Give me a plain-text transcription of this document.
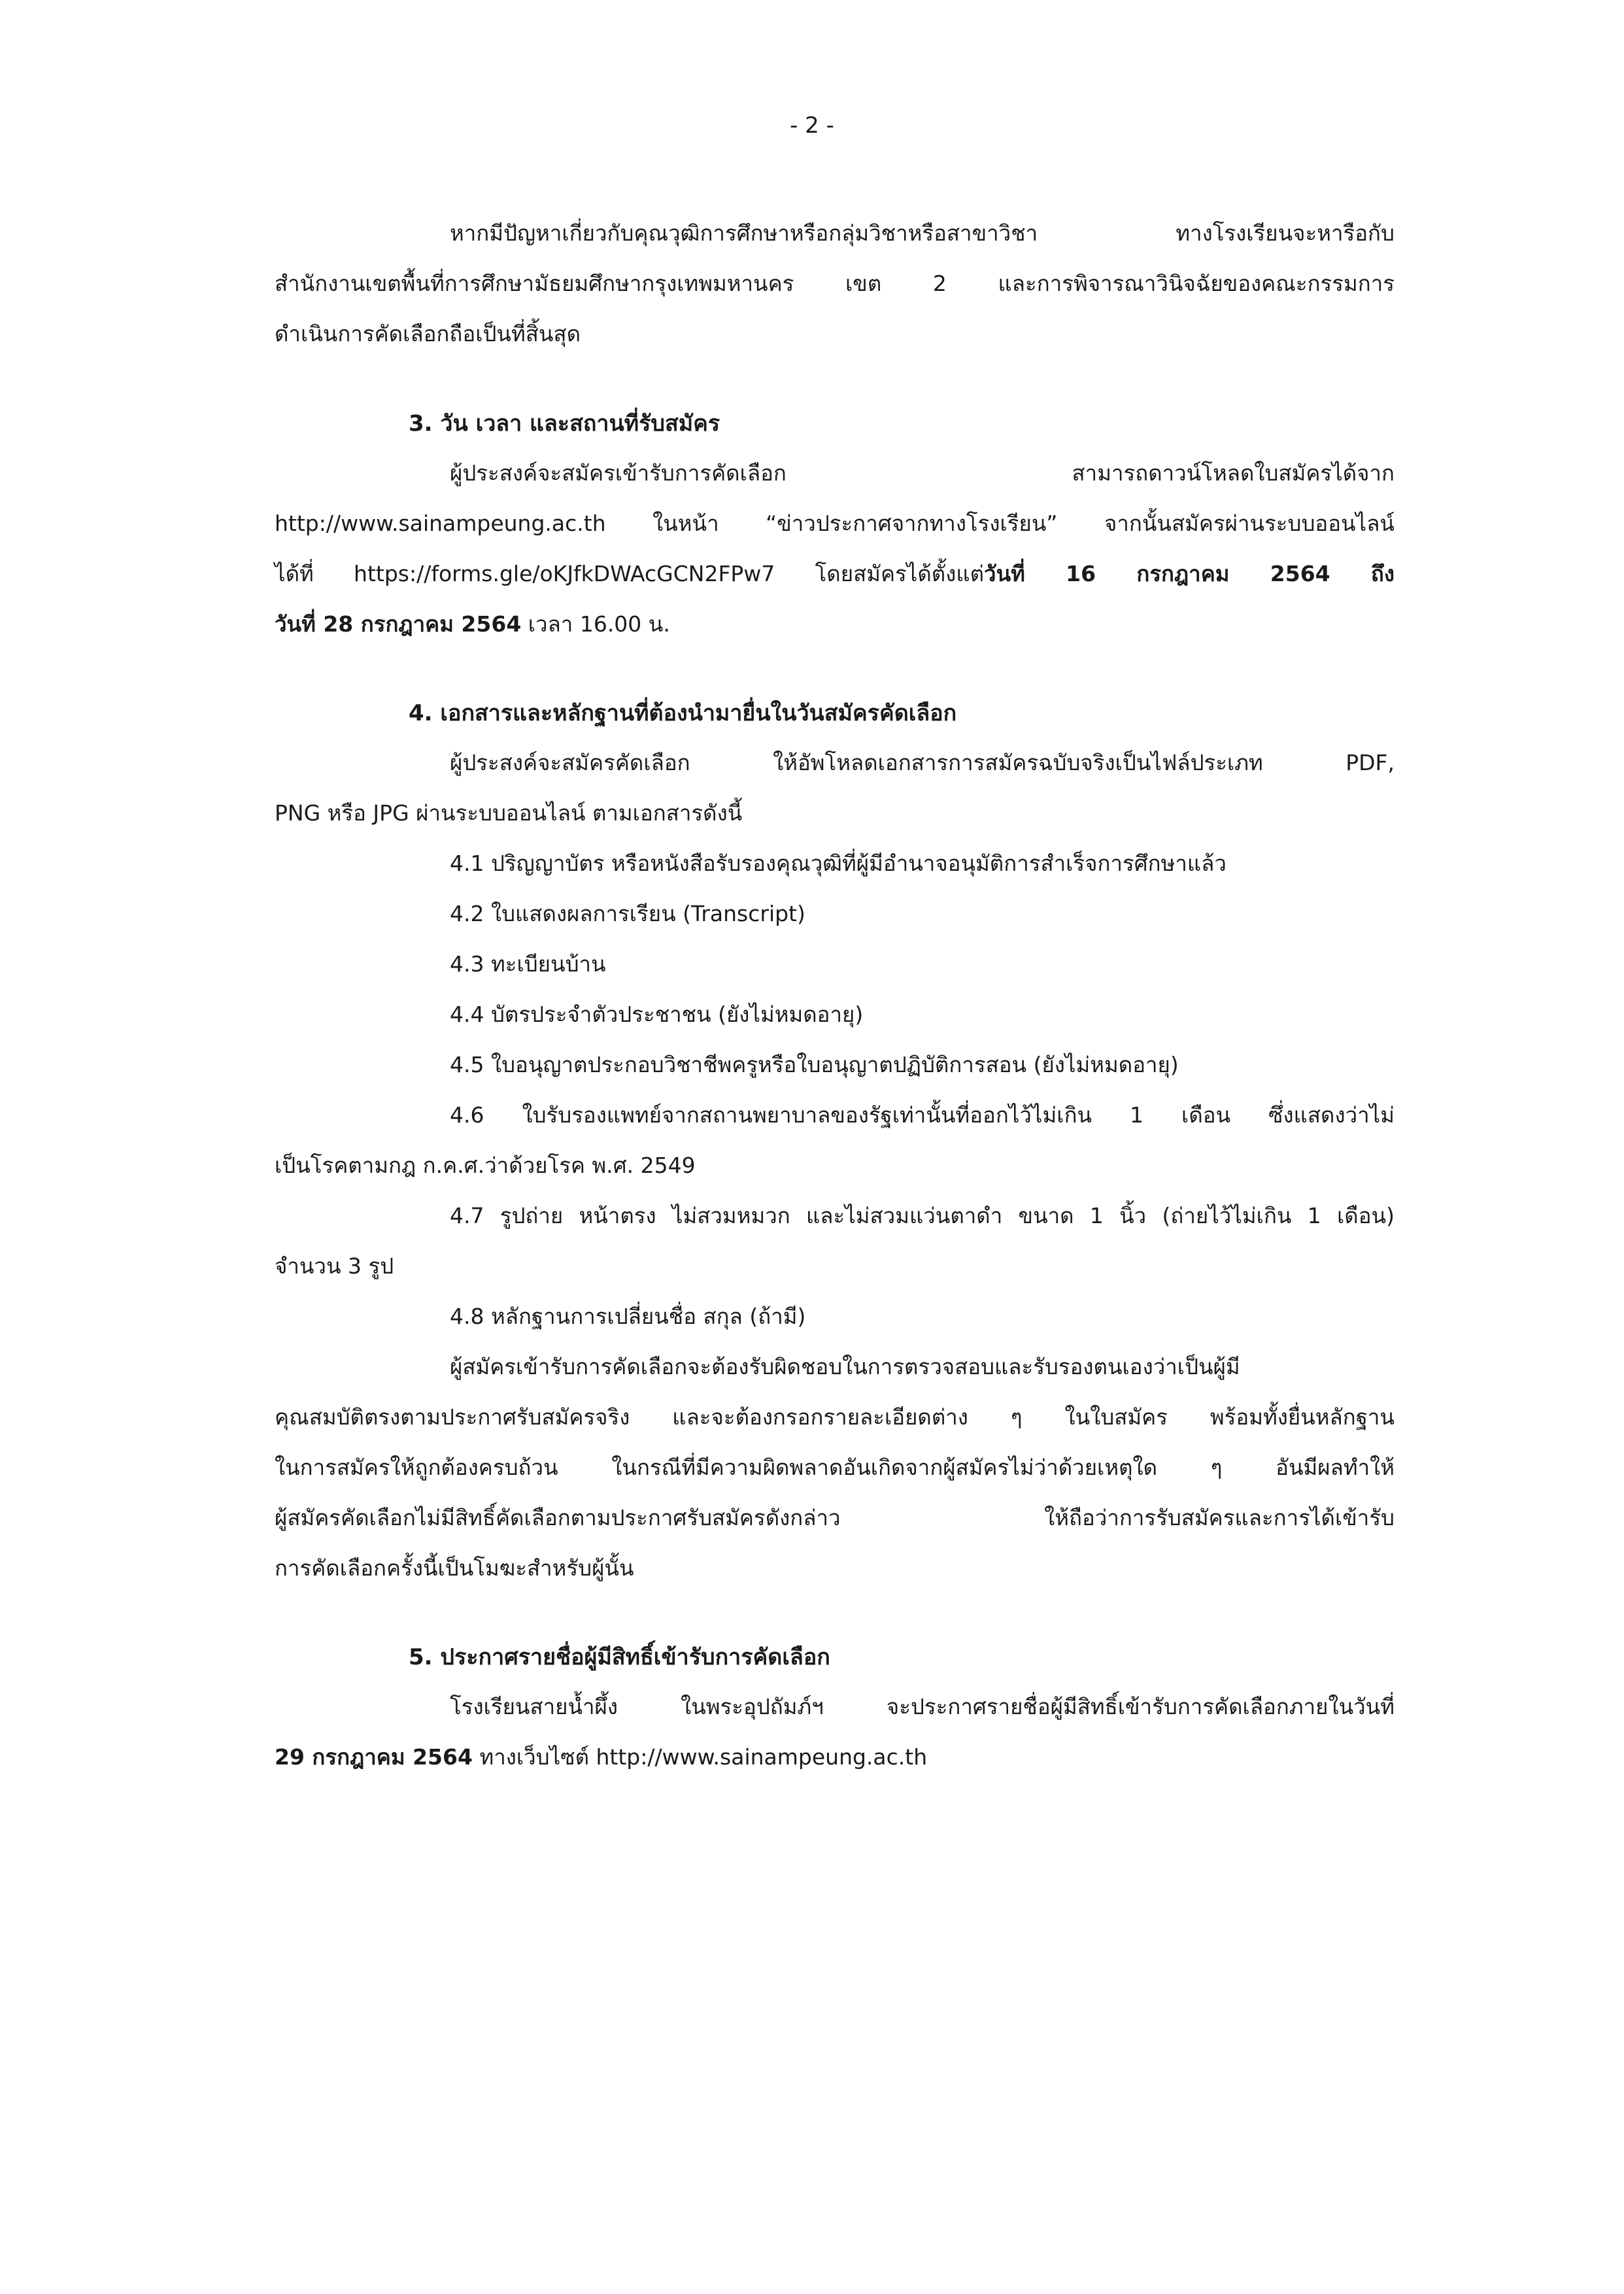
- 2 -
หากมีปัญหาเกี่ยวกับคุณวุฒิการศึกษาหรือกลุ่มวิชาหรือสาขาวิชา ทางโรงเรียนจะหารือกับ
สำนักงานเขตพื้นที่การศึกษามัธยมศึกษากรุงเทพมหานคร เขต 2 และการพิจารณาวินิจฉัยของคณะกรรมการ
ดำเนินการคัดเลือกถือเป็นที่สิ้นสุด
3. วัน เวลา และสถานที่รับสมัคร
ผู้ประสงค์จะสมัครเข้ารับการคัดเลือก สามารถดาวน์โหลดใบสมัครได้จาก
http://www.sainampeung.ac.th ในหน้า “ข่าวประกาศจากทางโรงเรียน” จากนั้นสมัครผ่านระบบออนไลน์
ได้ที่ https://forms.gle/oKJfkDWAcGCN2FPw7 โดยสมัครได้ตั้งแต่วันที่ 16 กรกฎาคม 2564 ถึง
วันที่ 28 กรกฎาคม 2564 เวลา 16.00 น.
4. เอกสารและหลักฐานที่ต้องนำมายื่นในวันสมัครคัดเลือก
ผู้ประสงค์จะสมัครคัดเลือก ให้อัพโหลดเอกสารการสมัครฉบับจริงเป็นไฟล์ประเภท PDF,
PNG หรือ JPG ผ่านระบบออนไลน์ ตามเอกสารดังนี้
4.1 ปริญญาบัตร หรือหนังสือรับรองคุณวุฒิที่ผู้มีอำนาจอนุมัติการสำเร็จการศึกษาแล้ว
4.2 ใบแสดงผลการเรียน (Transcript)
4.3 ทะเบียนบ้าน
4.4 บัตรประจำตัวประชาชน (ยังไม่หมดอายุ)
4.5 ใบอนุญาตประกอบวิชาชีพครูหรือใบอนุญาตปฏิบัติการสอน (ยังไม่หมดอายุ)
4.6 ใบรับรองแพทย์จากสถานพยาบาลของรัฐเท่านั้นที่ออกไว้ไม่เกิน 1 เดือน ซึ่งแสดงว่าไม่
เป็นโรคตามกฎ ก.ค.ศ.ว่าด้วยโรค พ.ศ. 2549
4.7 รูปถ่าย หน้าตรง ไม่สวมหมวก และไม่สวมแว่นตาดำ ขนาด 1 นิ้ว (ถ่ายไว้ไม่เกิน 1 เดือน)
จำนวน 3 รูป
4.8 หลักฐานการเปลี่ยนชื่อ สกุล (ถ้ามี)
ผู้สมัครเข้ารับการคัดเลือกจะต้องรับผิดชอบในการตรวจสอบและรับรองตนเองว่าเป็นผู้มี
คุณสมบัติตรงตามประกาศรับสมัครจริง และจะต้องกรอกรายละเอียดต่าง ๆ ในใบสมัคร พร้อมทั้งยื่นหลักฐาน
ในการสมัครให้ถูกต้องครบถ้วน ในกรณีที่มีความผิดพลาดอันเกิดจากผู้สมัครไม่ว่าด้วยเหตุใด ๆ อันมีผลทำให้
ผู้สมัครคัดเลือกไม่มีสิทธิ์คัดเลือกตามประกาศรับสมัครดังกล่าว ให้ถือว่าการรับสมัครและการได้เข้ารับ
การคัดเลือกครั้งนี้เป็นโมฆะสำหรับผู้นั้น
5. ประกาศรายชื่อผู้มีสิทธิ์เข้ารับการคัดเลือก
โรงเรียนสายน้ำผึ้ง ในพระอุปถัมภ์ฯ จะประกาศรายชื่อผู้มีสิทธิ์เข้ารับการคัดเลือกภายในวันที่
29 กรกฎาคม 2564 ทางเว็บไซต์ http://www.sainampeung.ac.th
